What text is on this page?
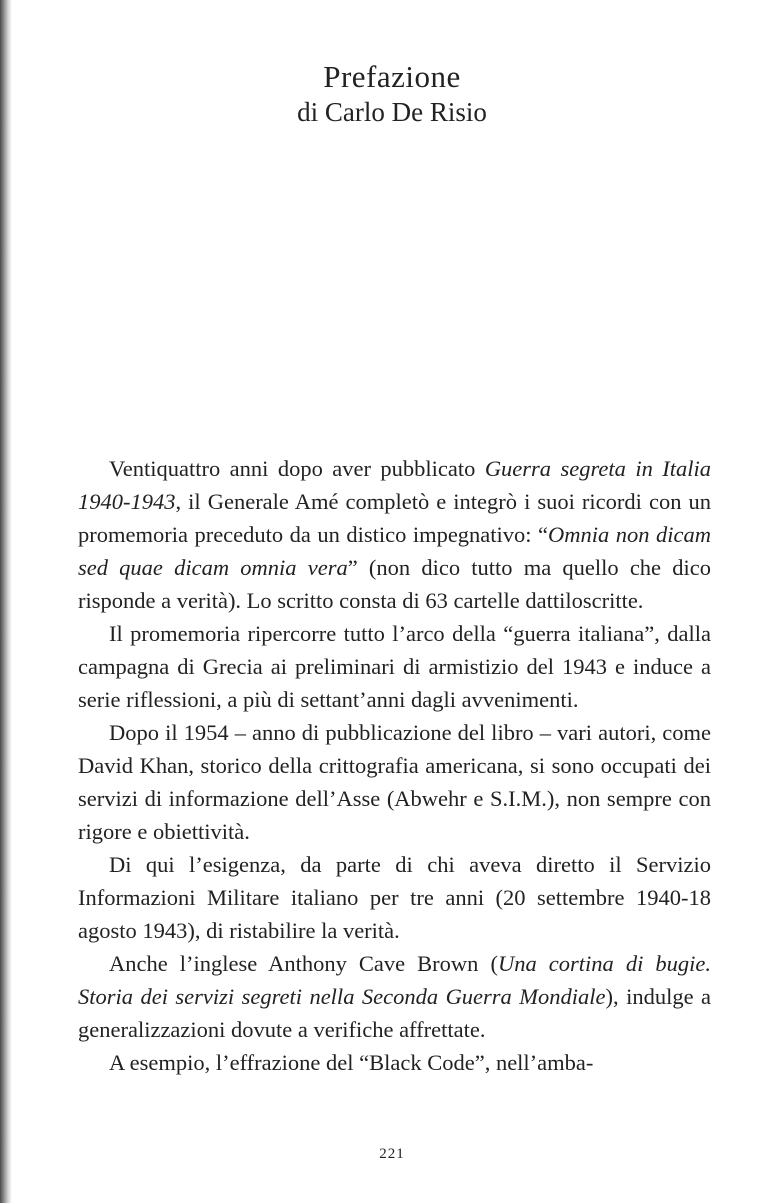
Prefazione
di Carlo De Risio

Ventiquattro anni dopo aver pubblicato Guerra segreta in Italia 1940-1943, il Generale Amé completò e integrò i suoi ricordi con un promemoria preceduto da un distico impegnativo: “Omnia non dicam sed quae dicam omnia vera” (non dico tutto ma quello che dico risponde a verità). Lo scritto consta di 63 cartelle dattiloscritte.

Il promemoria ripercorre tutto l’arco della “guerra italiana”, dalla campagna di Grecia ai preliminari di armistizio del 1943 e induce a serie riflessioni, a più di settant’anni dagli avvenimenti.

Dopo il 1954 – anno di pubblicazione del libro – vari autori, come David Khan, storico della crittografia americana, si sono occupati dei servizi di informazione dell’Asse (Abwehr e S.I.M.), non sempre con rigore e obiettività.

Di qui l’esigenza, da parte di chi aveva diretto il Servizio Informazioni Militare italiano per tre anni (20 settembre 1940-18 agosto 1943), di ristabilire la verità.

Anche l’inglese Anthony Cave Brown (Una cortina di bugie. Storia dei servizi segreti nella Seconda Guerra Mondiale), indulge a generalizzazioni dovute a verifiche affrettate.

A esempio, l’effrazione del “Black Code”, nell’amba-

221
